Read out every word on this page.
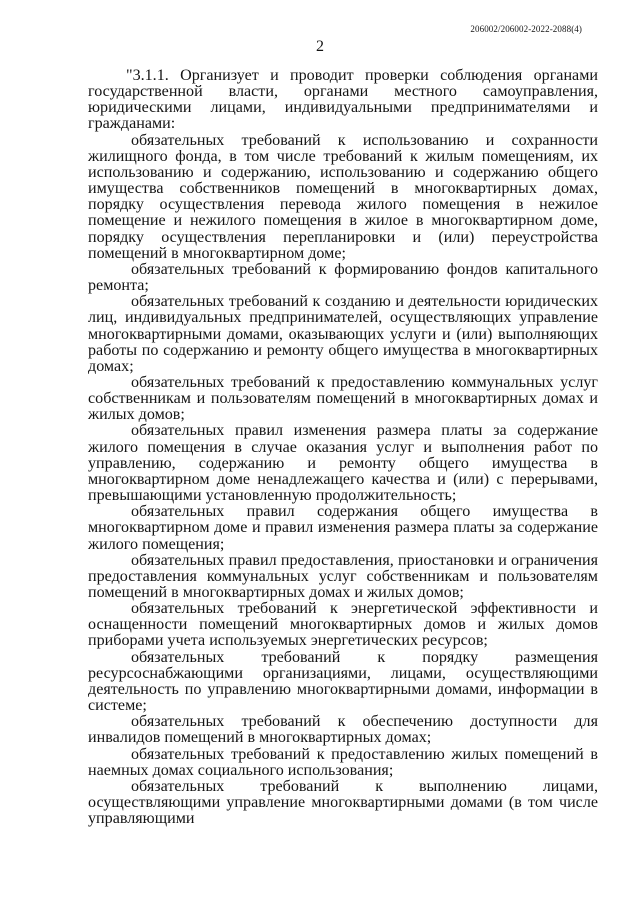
206002/206002-2022-2088(4)
2

"3.1.1. Организует и проводит проверки соблюдения органами государственной власти, органами местного самоуправления, юридическими лицами, индивидуальными предпринимателями и гражданами:

обязательных требований к использованию и сохранности жилищного фонда, в том числе требований к жилым помещениям, их использованию и содержанию, использованию и содержанию общего имущества собственников помещений в многоквартирных домах, порядку осуществления перевода жилого помещения в нежилое помещение и нежилого помещения в жилое в многоквартирном доме, порядку осуществления перепланировки и (или) переустройства помещений в многоквартирном доме;

обязательных требований к формированию фондов капитального ремонта;

обязательных требований к созданию и деятельности юридических лиц, индивидуальных предпринимателей, осуществляющих управление многоквартирными домами, оказывающих услуги и (или) выполняющих работы по содержанию и ремонту общего имущества в многоквартирных домах;

обязательных требований к предоставлению коммунальных услуг собственникам и пользователям помещений в многоквартирных домах и жилых домов;

обязательных правил изменения размера платы за содержание жилого помещения в случае оказания услуг и выполнения работ по управлению, содержанию и ремонту общего имущества в многоквартирном доме ненадлежащего качества и (или) с перерывами, превышающими установленную продолжительность;

обязательных правил содержания общего имущества в многоквартирном доме и правил изменения размера платы за содержание жилого помещения;

обязательных правил предоставления, приостановки и ограничения предоставления коммунальных услуг собственникам и пользователям помещений в многоквартирных домах и жилых домов;

обязательных требований к энергетической эффективности и оснащенности помещений многоквартирных домов и жилых домов приборами учета используемых энергетических ресурсов;

обязательных требований к порядку размещения ресурсоснабжающими организациями, лицами, осуществляющими деятельность по управлению многоквартирными домами, информации в системе;

обязательных требований к обеспечению доступности для инвалидов помещений в многоквартирных домах;

обязательных требований к предоставлению жилых помещений в наемных домах социального использования;

обязательных требований к выполнению лицами, осуществляющими управление многоквартирными домами (в том числе управляющими
